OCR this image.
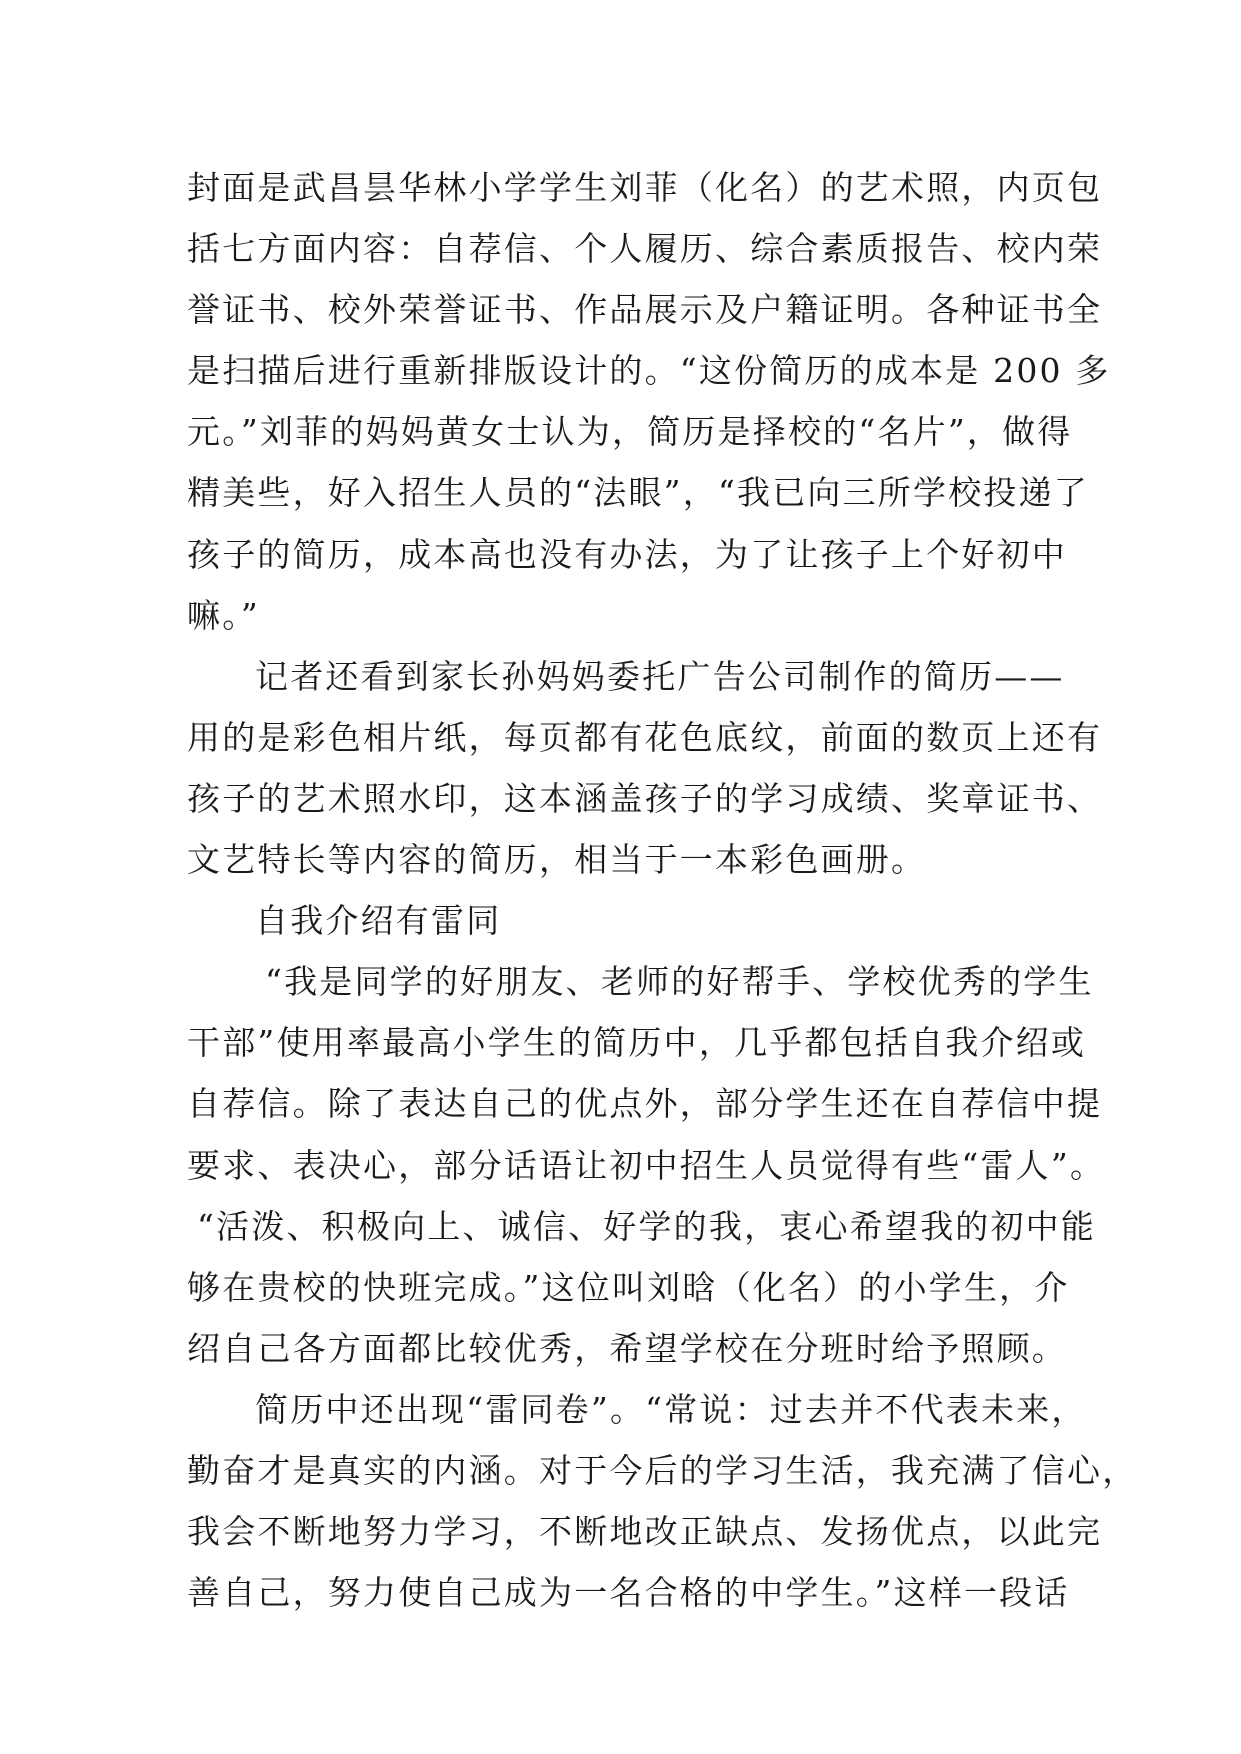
封面是武昌昙华林小学学生刘菲（化名）的艺术照，内页包
括七方面内容：自荐信、个人履历、综合素质报告、校内荣
誉证书、校外荣誉证书、作品展示及户籍证明。各种证书全
是扫描后进行重新排版设计的。“这份简历的成本是 200 多
元。”刘菲的妈妈黄女士认为，简历是择校的“名片”，做得
精美些，好入招生人员的“法眼”，“我已向三所学校投递了
孩子的简历，成本高也没有办法，为了让孩子上个好初中
嘛。”
记者还看到家长孙妈妈委托广告公司制作的简历——
用的是彩色相片纸，每页都有花色底纹，前面的数页上还有
孩子的艺术照水印，这本涵盖孩子的学习成绩、奖章证书、
文艺特长等内容的简历，相当于一本彩色画册。
自我介绍有雷同
“我是同学的好朋友、老师的好帮手、学校优秀的学生
干部”使用率最高小学生的简历中，几乎都包括自我介绍或
自荐信。除了表达自己的优点外，部分学生还在自荐信中提
要求、表决心，部分话语让初中招生人员觉得有些“雷人”。
“活泼、积极向上、诚信、好学的我，衷心希望我的初中能
够在贵校的快班完成。”这位叫刘晗（化名）的小学生，介
绍自己各方面都比较优秀，希望学校在分班时给予照顾。
简历中还出现“雷同卷”。“常说：过去并不代表未来，
勤奋才是真实的内涵。对于今后的学习生活，我充满了信心，
我会不断地努力学习，不断地改正缺点、发扬优点，以此完
善自己，努力使自己成为一名合格的中学生。”这样一段话
